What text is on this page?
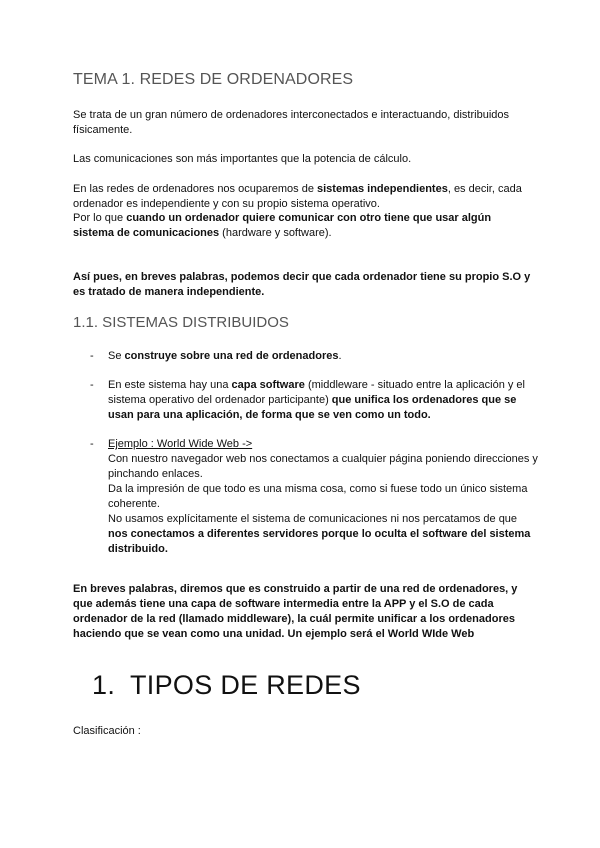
TEMA 1. REDES DE ORDENADORES

Se trata de un gran número de ordenadores interconectados e interactuando, distribuidos físicamente.

Las comunicaciones son más importantes que la potencia de cálculo.

En las redes de ordenadores nos ocuparemos de sistemas independientes, es decir, cada ordenador es independiente y con su propio sistema operativo.

Por lo que cuando un ordenador quiere comunicar con otro tiene que usar algún sistema de comunicaciones (hardware y software).

Así pues, en breves palabras, podemos decir que cada ordenador tiene su propio S.O y es tratado de manera independiente.

1.1. SISTEMAS DISTRIBUIDOS
- Se construye sobre una red de ordenadores.
- En este sistema hay una capa software (middleware - situado entre la aplicación y el sistema operativo del ordenador participante) que unifica los ordenadores que se usan para una aplicación, de forma que se ven como un todo.
- Ejemplo : World Wide Web ->
Con nuestro navegador web nos conectamos a cualquier página poniendo direcciones y pinchando enlaces.
Da la impresión de que todo es una misma cosa, como si fuese todo un único sistema coherente.
No usamos explícitamente el sistema de comunicaciones ni nos percatamos de que nos conectamos a diferentes servidores porque lo oculta el software del sistema distribuido.

En breves palabras, diremos que es construido a partir de una red de ordenadores, y que además tiene una capa de software intermedia entre la APP y el S.O de cada ordenador de la red (llamado middleware), la cuál permite unificar a los ordenadores haciendo que se vean como una unidad. Un ejemplo será el World WIde Web

1. TIPOS DE REDES

Clasificación :
